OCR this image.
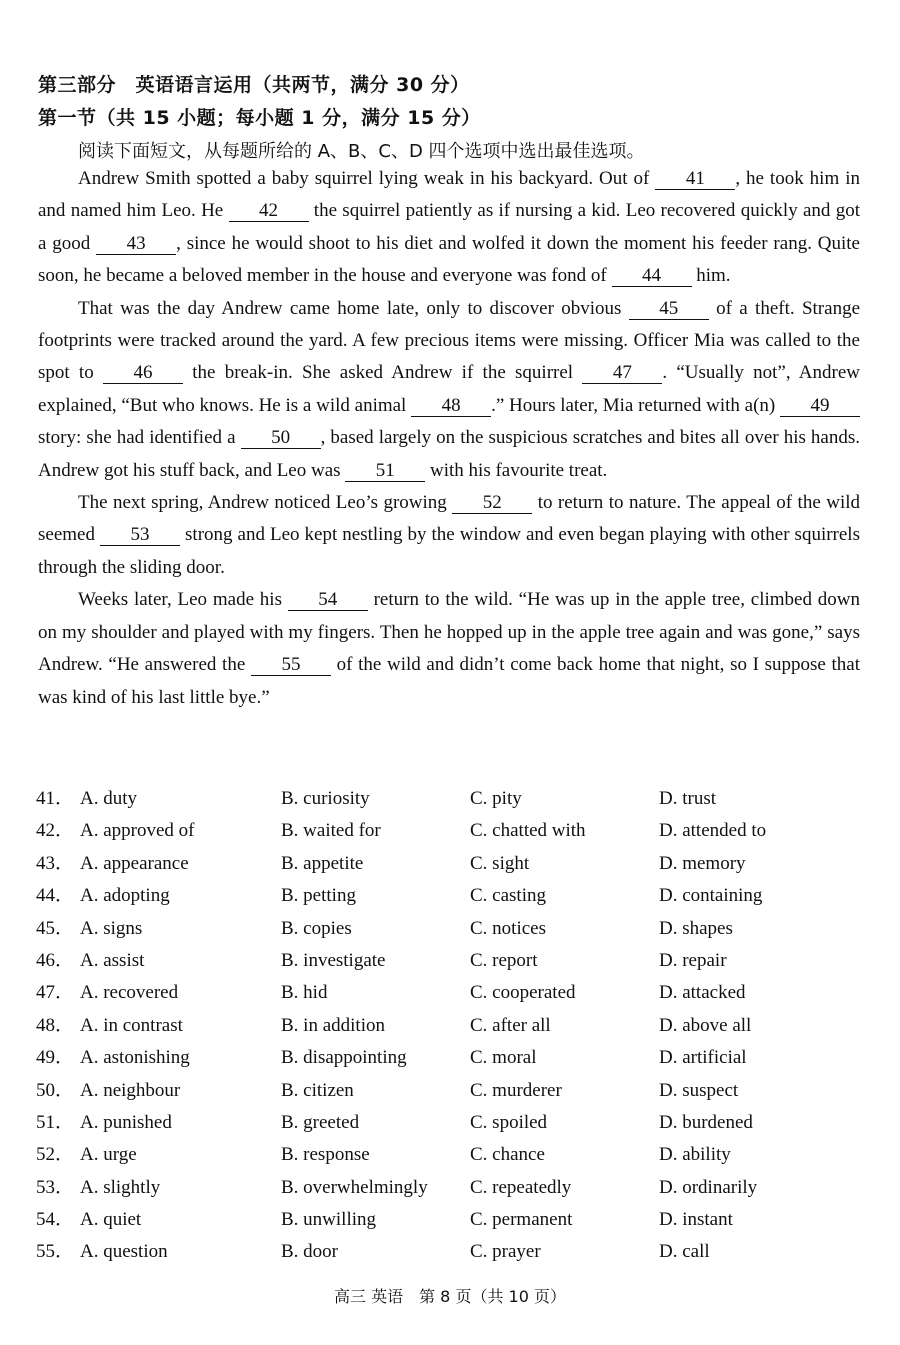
第三部分　英语语言运用（共两节，满分 30 分）
第一节（共 15 小题；每小题 1 分，满分 15 分）
阅读下面短文，从每题所给的 A、B、C、D 四个选项中选出最佳选项。

Andrew Smith spotted a baby squirrel lying weak in his backyard. Out of 41 , he took him in and named him Leo. He 42 the squirrel patiently as if nursing a kid. Leo recovered quickly and got a good 43 , since he would shoot to his diet and wolfed it down the moment his feeder rang. Quite soon, he became a beloved member in the house and everyone was fond of 44 him.

That was the day Andrew came home late, only to discover obvious 45 of a theft. Strange footprints were tracked around the yard. A few precious items were missing. Officer Mia was called to the spot to 46 the break-in. She asked Andrew if the squirrel 47 . “Usually not”, Andrew explained, “But who knows. He is a wild animal 48 .” Hours later, Mia returned with a(n) 49 story: she had identified a 50 , based largely on the suspicious scratches and bites all over his hands. Andrew got his stuff back, and Leo was 51 with his favourite treat.

The next spring, Andrew noticed Leo’s growing 52 to return to nature. The appeal of the wild seemed 53 strong and Leo kept nestling by the window and even began playing with other squirrels through the sliding door.

Weeks later, Leo made his 54 return to the wild. “He was up in the apple tree, climbed down on my shoulder and played with my fingers. Then he hopped up in the apple tree again and was gone,” says Andrew. “He answered the 55 of the wild and didn’t come back home that night, so I suppose that was kind of his last little bye.”

41． A. duty	B. curiosity	C. pity	D. trust
42． A. approved of	B. waited for	C. chatted with	D. attended to
43． A. appearance	B. appetite	C. sight	D. memory
44． A. adopting	B. petting	C. casting	D. containing
45． A. signs	B. copies	C. notices	D. shapes
46． A. assist	B. investigate	C. report	D. repair
47． A. recovered	B. hid	C. cooperated	D. attacked
48． A. in contrast	B. in addition	C. after all	D. above all
49． A. astonishing	B. disappointing	C. moral	D. artificial
50． A. neighbour	B. citizen	C. murderer	D. suspect
51． A. punished	B. greeted	C. spoiled	D. burdened
52． A. urge	B. response	C. chance	D. ability
53． A. slightly	B. overwhelmingly C. repeatedly	D. ordinarily
54． A. quiet	B. unwilling	C. permanent	D. instant
55． A. question	B. door	C. prayer	D. call
高三 英语　第 8 页（共 10 页）
